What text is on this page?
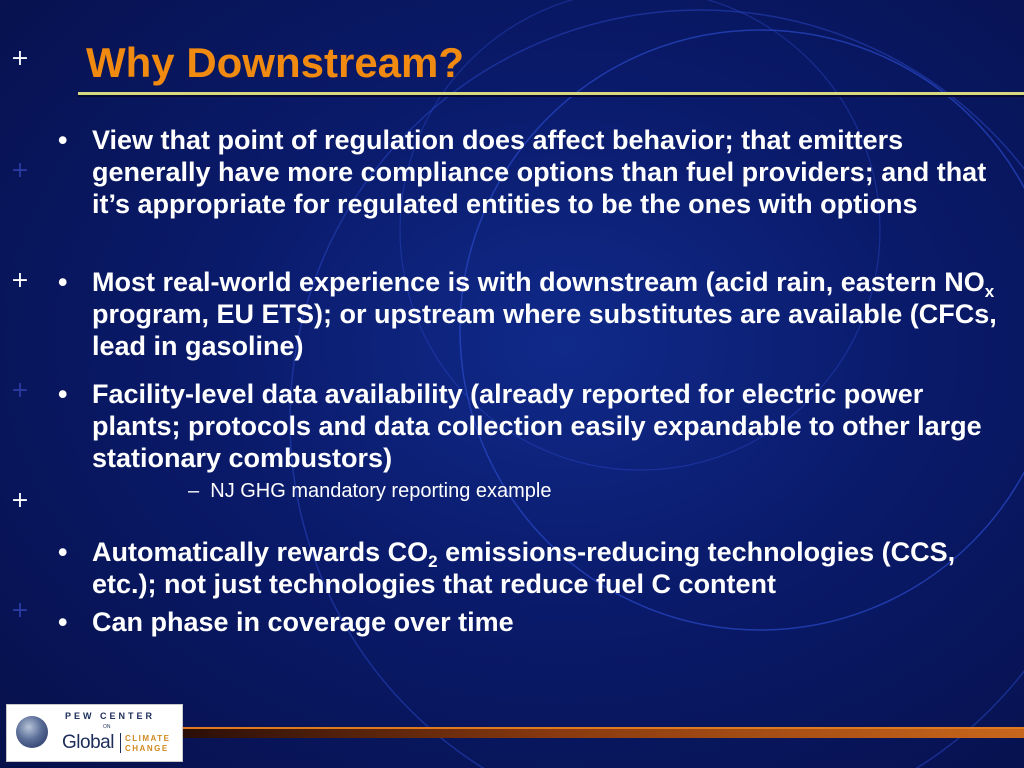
+
+
+
+
+
+
Why Downstream?
• View that point of regulation does affect behavior; that emitters generally have more compliance options than fuel providers; and that it’s appropriate for regulated entities to be the ones with options
• Most real-world experience is with downstream (acid rain, eastern $NO_x$ program, EU ETS); or upstream where substitutes are available (CFCs, lead in gasoline)
• Facility-level data availability (already reported for electric power plants; protocols and data collection easily expandable to other large stationary combustors)
– NJ GHG mandatory reporting example
• Automatically rewards $CO_2$ emissions-reducing technologies (CCS, etc.); not just technologies that reduce fuel C content
• Can phase in coverage over time
PEW CENTER
ON
Global CLIMATE
CHANGE
